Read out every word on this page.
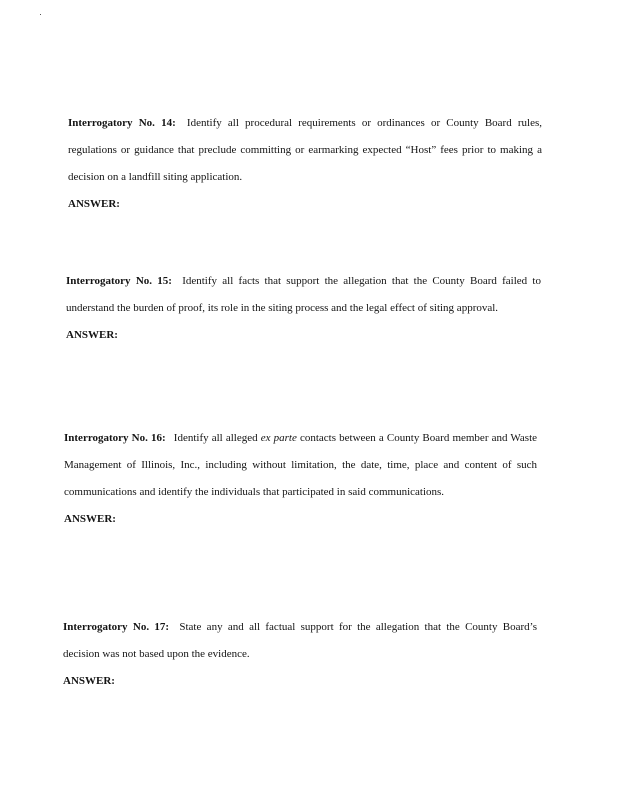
Interrogatory No. 14: Identify all procedural requirements or ordinances or County Board rules, regulations or guidance that preclude committing or earmarking expected “Host” fees prior to making a decision on a landfill siting application.

ANSWER:

Interrogatory No. 15: Identify all facts that support the allegation that the County Board failed to understand the burden of proof, its role in the siting process and the legal effect of siting approval.

ANSWER:

Interrogatory No. 16: Identify all alleged ex parte contacts between a County Board member and Waste Management of Illinois, Inc., including without limitation, the date, time, place and content of such communications and identify the individuals that participated in said communications.

ANSWER:

Interrogatory No. 17: State any and all factual support for the allegation that the County Board’s decision was not based upon the evidence.

ANSWER:
